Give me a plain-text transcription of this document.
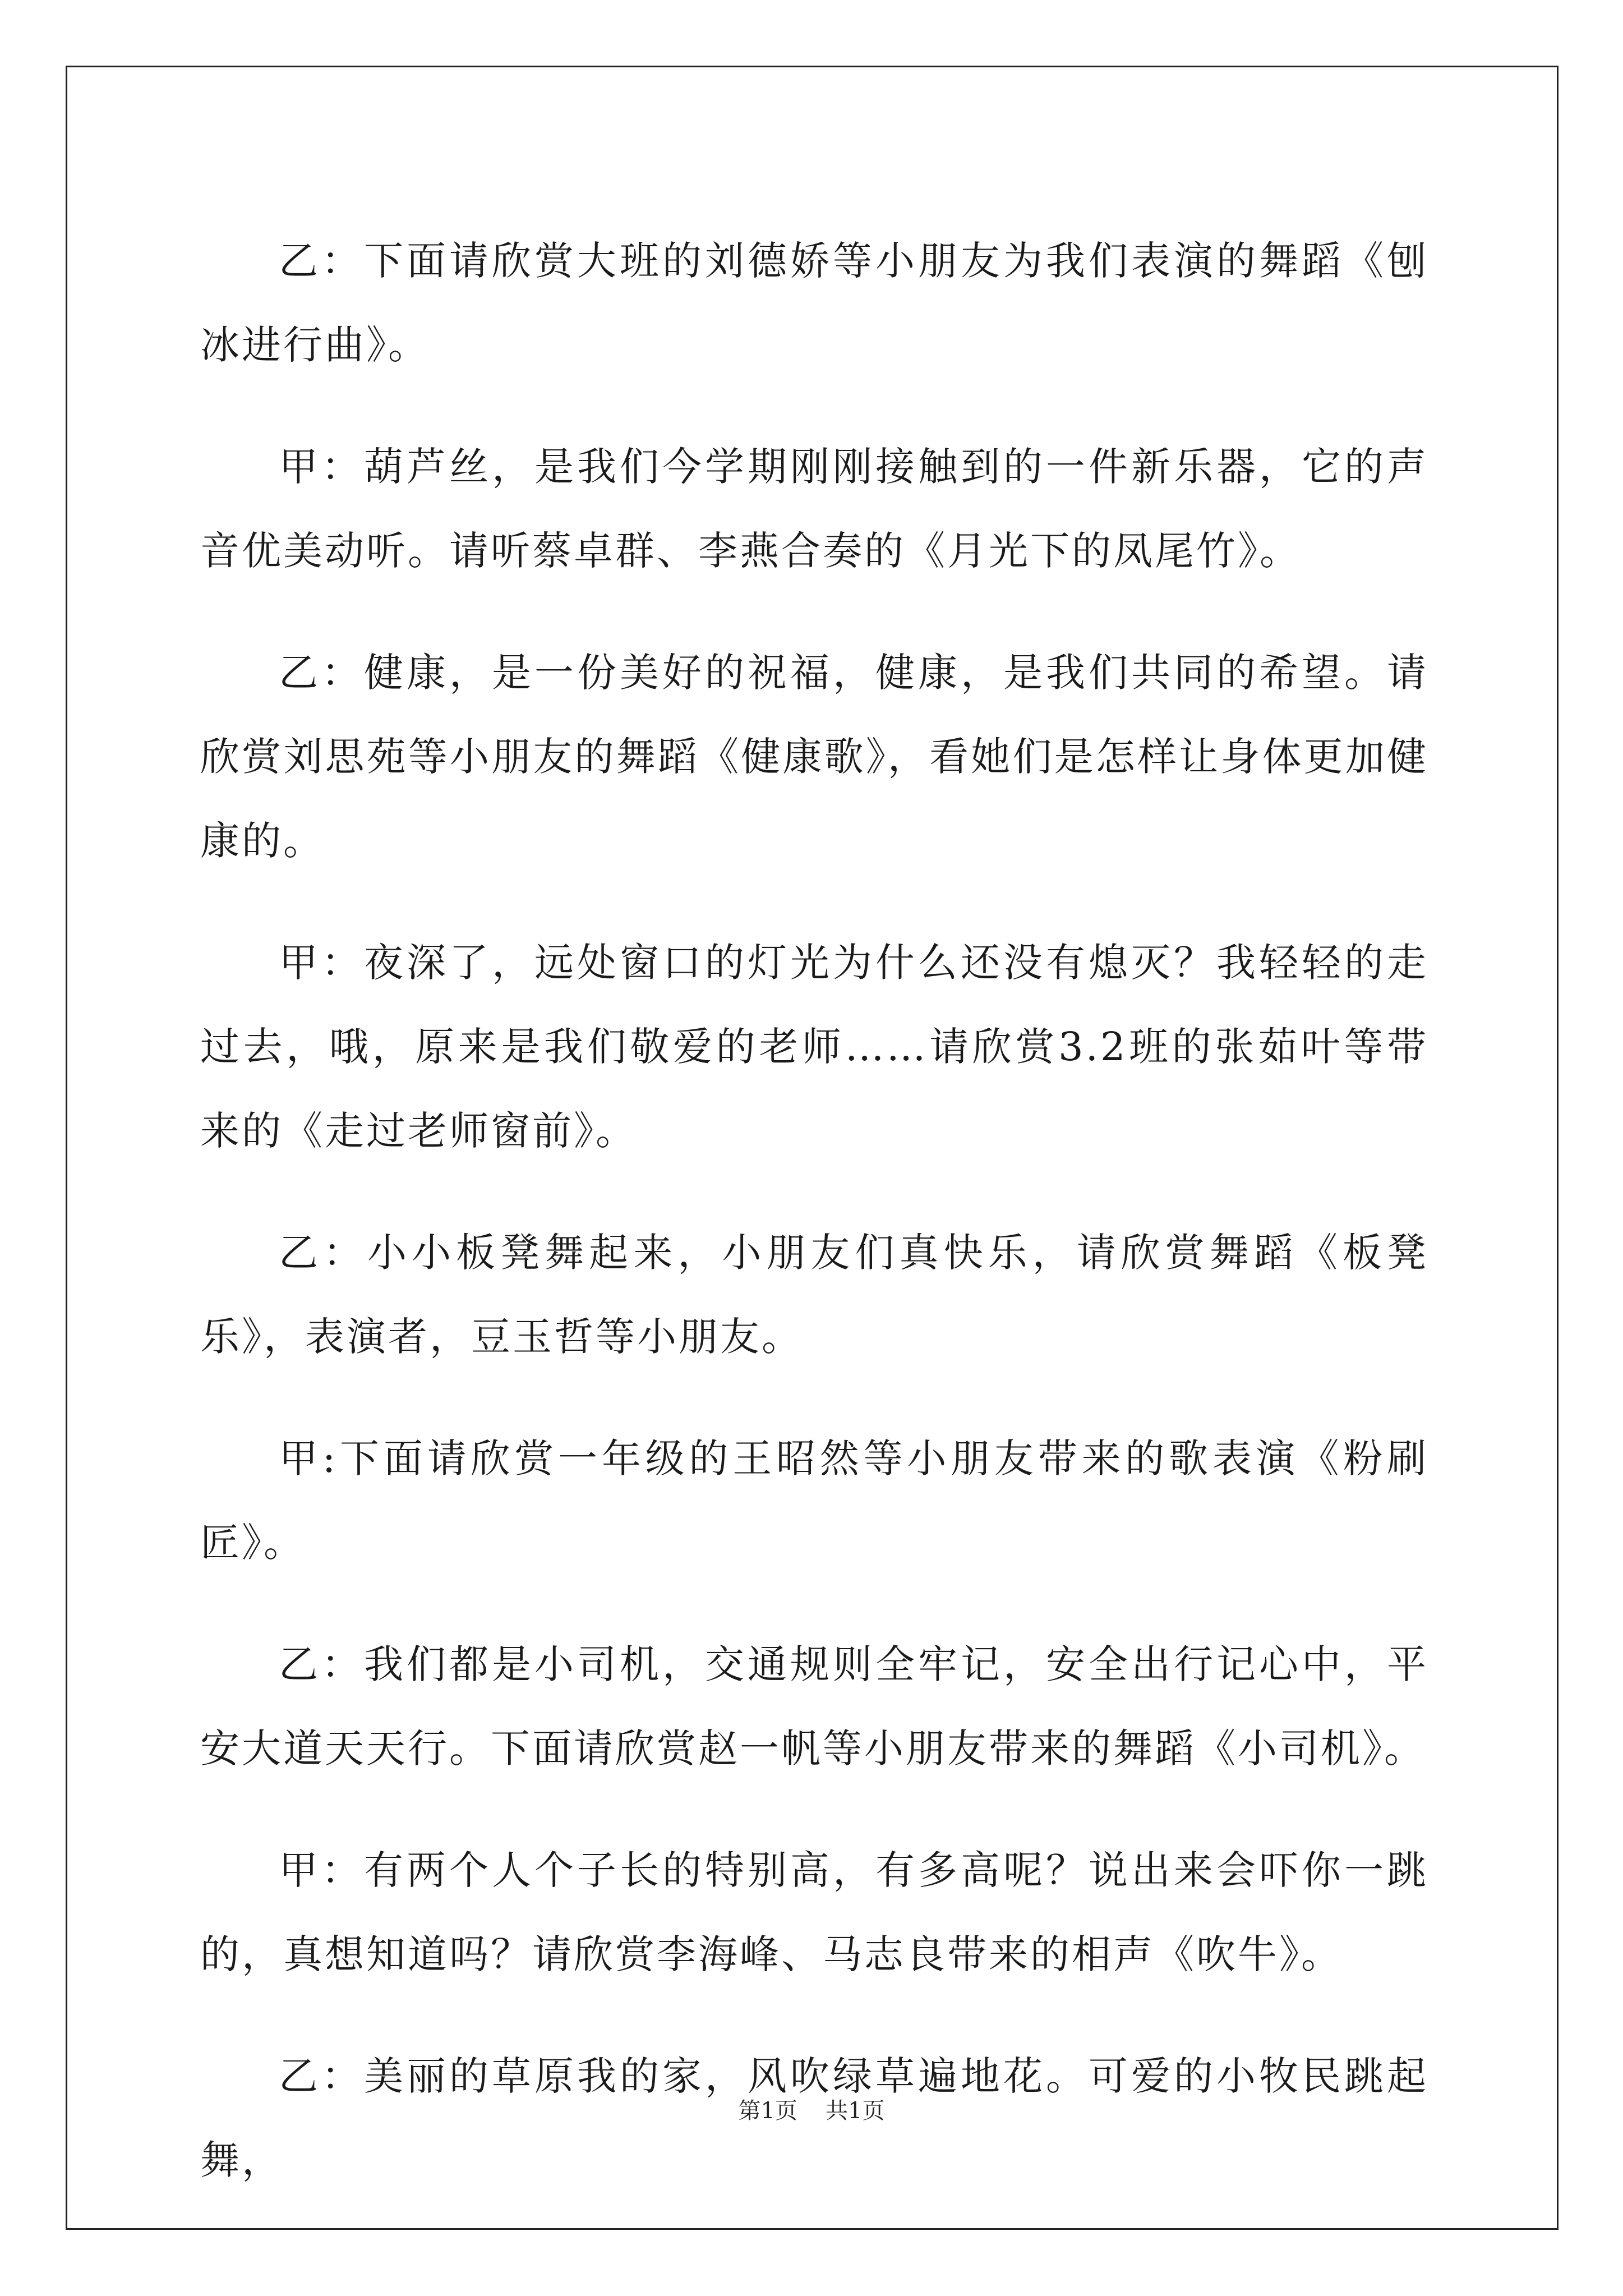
乙：下面请欣赏大班的刘德娇等小朋友为我们表演的舞蹈《刨冰进行曲》。

甲：葫芦丝，是我们今学期刚刚接触到的一件新乐器，它的声音优美动听。请听蔡卓群、李燕合奏的《月光下的凤尾竹》。

乙：健康，是一份美好的祝福，健康，是我们共同的希望。请欣赏刘思苑等小朋友的舞蹈《健康歌》，看她们是怎样让身体更加健康的。

甲：夜深了，远处窗口的灯光为什么还没有熄灭？我轻轻的走过去，哦，原来是我们敬爱的老师……请欣赏3.2班的张茹叶等带来的《走过老师窗前》。

乙：小小板凳舞起来，小朋友们真快乐，请欣赏舞蹈《板凳乐》，表演者，豆玉哲等小朋友。

甲:下面请欣赏一年级的王昭然等小朋友带来的歌表演《粉刷匠》。

乙：我们都是小司机，交通规则全牢记，安全出行记心中，平安大道天天行。下面请欣赏赵一帆等小朋友带来的舞蹈《小司机》。

甲：有两个人个子长的特别高，有多高呢？说出来会吓你一跳的，真想知道吗？请欣赏李海峰、马志良带来的相声《吹牛》。

乙：美丽的草原我的家，风吹绿草遍地花。可爱的小牧民跳起舞，

第1页 共1页
